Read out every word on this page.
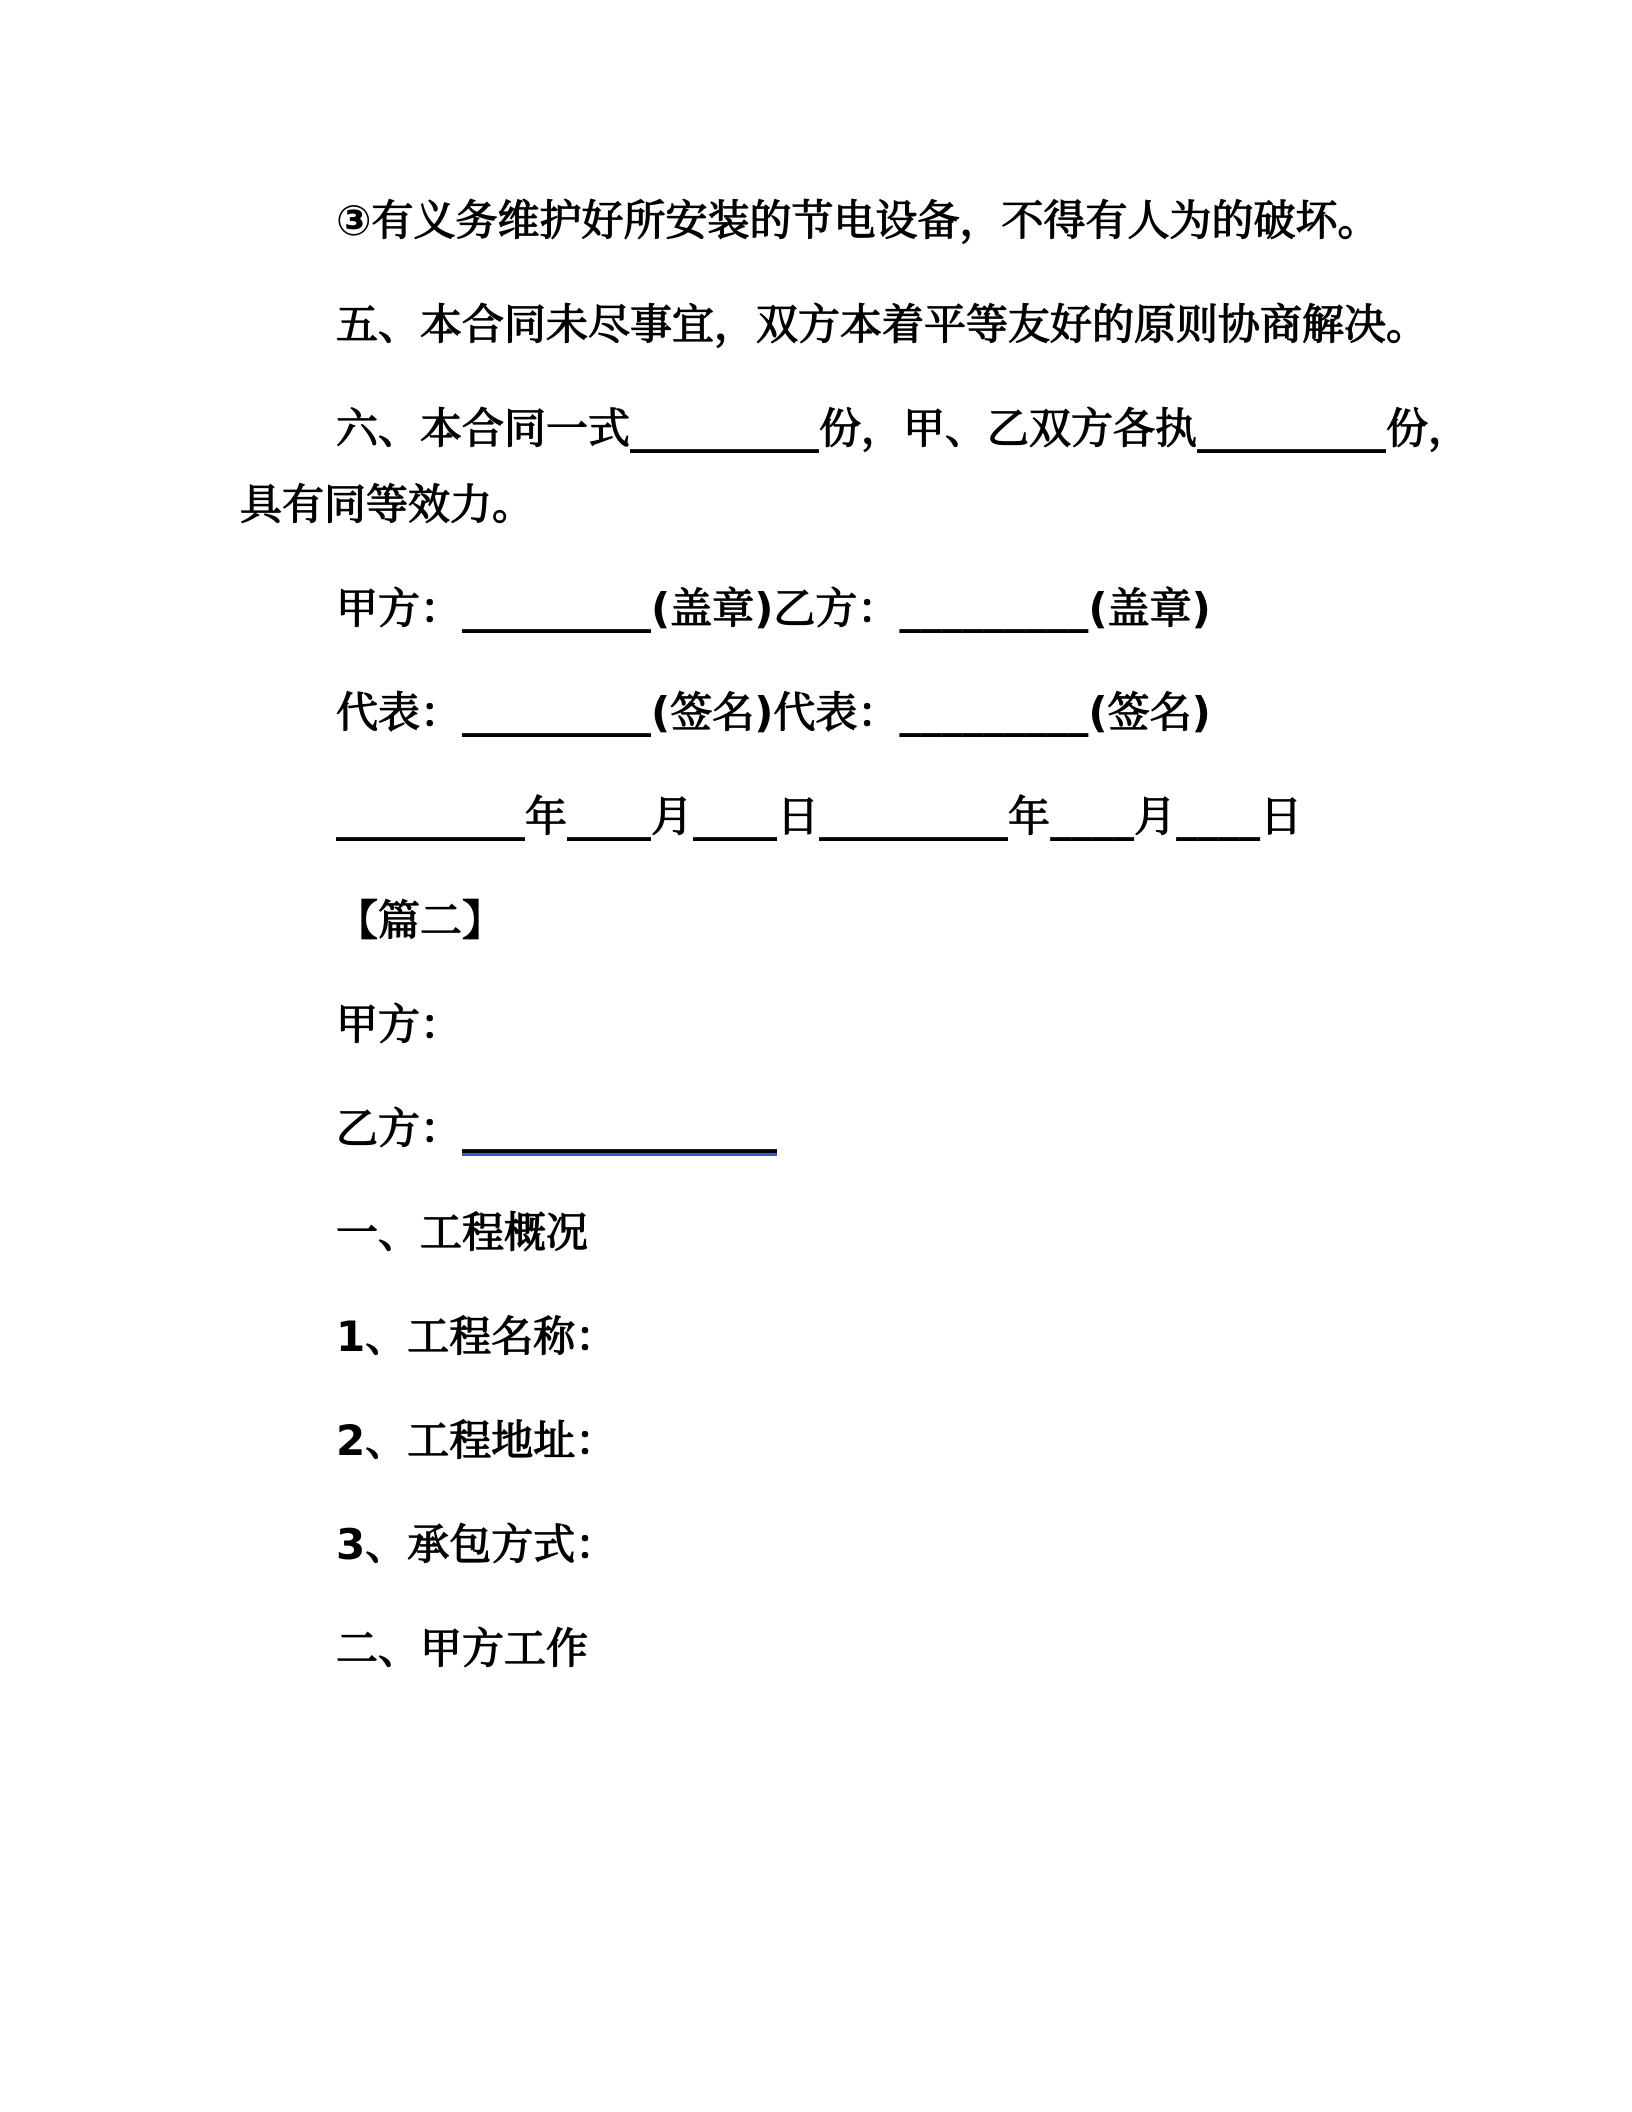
③有义务维护好所安装的节电设备，不得有人为的破坏。

五、本合同未尽事宜，双方本着平等友好的原则协商解决。

六、本合同一式_________份，甲、乙双方各执_________份，

具有同等效力。

甲方：_________(盖章)乙方：_________(盖章)

代表：_________(签名)代表：_________(签名)

_________年____月____日_________年____月____日

【篇二】

甲方：

乙方：_______________

一、工程概况

1、工程名称：

2、工程地址：

3、承包方式：

二、甲方工作
